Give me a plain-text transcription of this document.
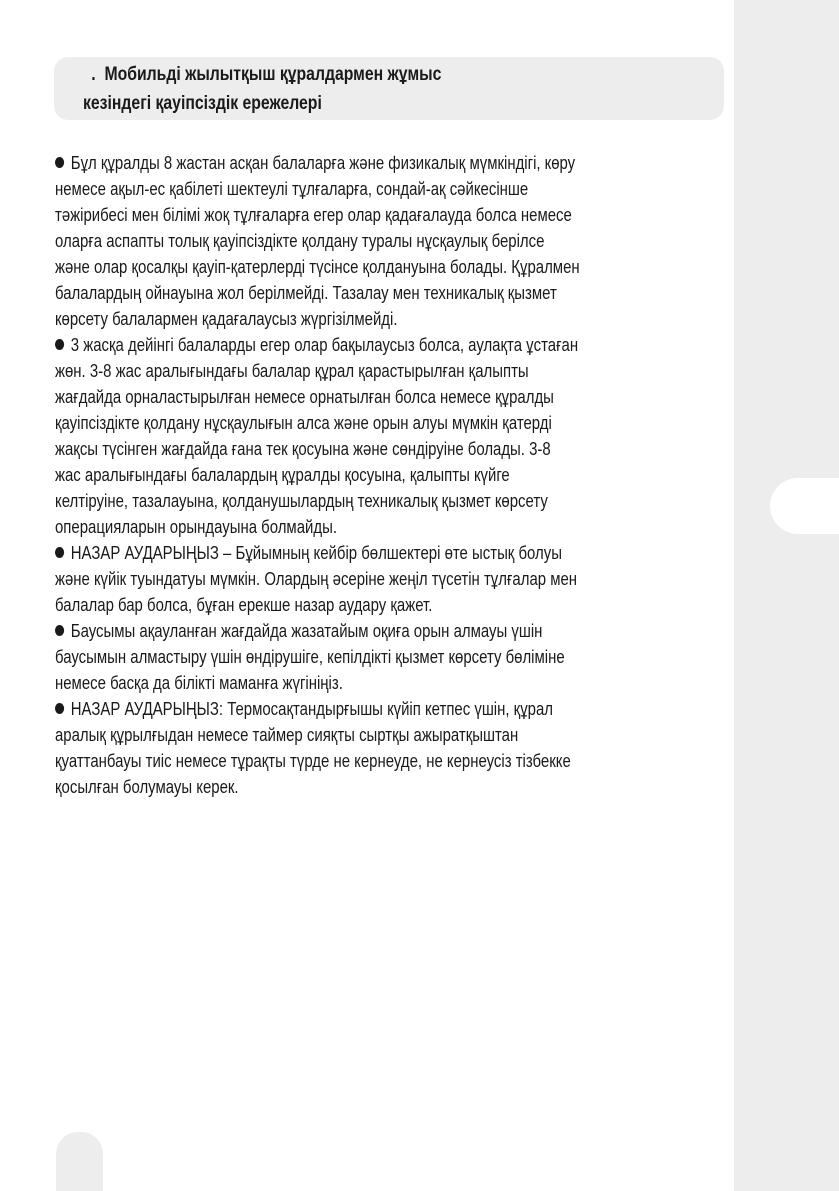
. Мобильді жылытқыш құралдармен жұмыс
кезіндегі қауіпсіздік ережелері

Бұл құралды 8 жастан асқан балаларға және физикалық мүмкіндігі, көру
немесе ақыл-ес қабілеті шектеулі тұлғаларға, сондай-ақ сәйкесінше
тәжірибесі мен білімі жоқ тұлғаларға егер олар қадағалауда болса немесе
оларға аспапты толық қауіпсіздікте қолдану туралы нұсқаулық берілсе
және олар қосалқы қауіп-қатерлерді түсінсе қолдануына болады. Құралмен
балалардың ойнауына жол берілмейді. Тазалау мен техникалық қызмет
көрсету балалармен қадағалаусыз жүргізілмейді.

3 жасқа дейінгі балаларды егер олар бақылаусыз болса, аулақта ұстаған
жөн. 3-8 жас аралығындағы балалар құрал қарастырылған қалыпты
жағдайда орналастырылған немесе орнатылған болса немесе құралды
қауіпсіздікте қолдану нұсқаулығын алса және орын алуы мүмкін қатерді
жақсы түсінген жағдайда ғана тек қосуына және сөндіруіне болады. 3-8
жас аралығындағы балалардың құралды қосуына, қалыпты күйге
келтіруіне, тазалауына, қолданушылардың техникалық қызмет көрсету
операцияларын орындауына болмайды.

НАЗАР АУДАРЫҢЫЗ – Бұйымның кейбір бөлшектері өте ыстық болуы
және күйік туындатуы мүмкін. Олардың әсеріне жеңіл түсетін тұлғалар мен
балалар бар болса, бұған ерекше назар аудару қажет.

Баусымы ақауланған жағдайда жазатайым оқиға орын алмауы үшін
баусымын алмастыру үшін өндірушіге, кепілдікті қызмет көрсету бөліміне
немесе басқа да білікті маманға жүгініңіз.

НАЗАР АУДАРЫҢЫЗ: Термосақтандырғышы күйіп кетпес үшін, құрал
аралық құрылғыдан немесе таймер сияқты сыртқы ажыратқыштан
қуаттанбауы тиіс немесе тұрақты түрде не кернеуде, не кернеусіз тізбекке
қосылған болумауы керек.
